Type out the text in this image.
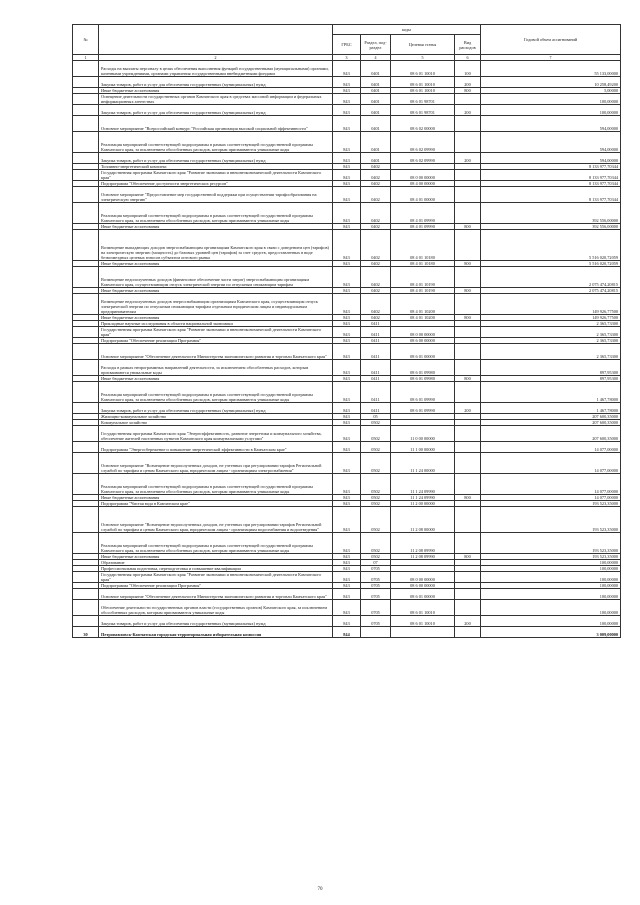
№		коды				Годовой объем ассигнований
		ГРБС	Раздел, под-раздел	Целевая статья	Вид расходов	
1	2	3	4	5	6	7
	Расходы на выплаты персоналу в целях обеспечения выполнения функций государственными (муниципальными) органами, казенными учреждениями, органами управления государственными внебюджетными фондами	843	0401	08 6 01 10010	100	55 133,00000
	Закупка товаров, работ и услуг для обеспечения государственных (муниципальных) нужд	843	0401	08 6 01 10010	200	10 258,49200
	Иные бюджетные ассигнования	843	0401	08 6 01 10010	800	5,00000
	Освещение деятельности государственных органов Камчатского края в средствах массовой информации и федеральных информационных агентствах	843	0401	08 6 01 98701		100,00000
	Закупка товаров, работ и услуг для обеспечения государственных (муниципальных) нужд	843	0401	08 6 01 98701	200	100,00000
	Основное мероприятие "Всероссийский конкурс "Российская организация высокой социальной эффективности"	843	0401	08 6 02 00000		594,00000
	Реализация мероприятий соответствующей подпрограммы в рамках соответствующей государственной программы Камчатского края, за исключением обособленных расходов, которым присваиваются уникальные коды	843	0401	08 6 02 09990		594,00000
	Закупка товаров, работ и услуг для обеспечения государственных (муниципальных) нужд	843	0401	08 6 02 09990	200	594,00000
	Топливно-энергетический комплекс	843	0402			8 133 977,70344
	Государственная программа Камчатского края "Развитие экономики и внешнеэкономической деятельности Камчатского края"	843	0402	08 0 00 00000		8 133 977,70344
	Подпрограмма "Обеспечение доступности энергетических ресурсов"	843	0402	08 4 00 00000		8 133 977,70344
	Основное мероприятие "Предоставление мер государственной поддержки при осуществлении тарифообразования на электрическую энергию"	843	0402	08 4 01 00000		8 133 977,70344
	Реализация мероприятий соответствующей подпрограммы в рамках соответствующей государственной программы Камчатского края, за исключением обособленных расходов, которым присваиваются уникальные коды	843	0402	08 4 01 09990		392 556,00000
	Иные бюджетные ассигнования	843	0402	08 4 01 09990	800	392 556,00000
	Возмещение выпадающих доходов энергоснабжающим организациям Камчатского края в связи с доведением цен (тарифов) на электрическую энергию (мощность) до базовых уровней цен (тарифов) за счет средств, предоставленных в виде безвозмездных целевых взносов субъектом оптового рынка	843	0402	08 4 01 10180		5 516 020,72059
	Иные бюджетные ассигнования	843	0402	08 4 01 10180	800	5 516 020,72059
	Возмещение недополученных доходов (финансовое обеспечение части затрат) энергоснабжающим организациям Камчатского края, осуществляющим отпуск электрической энергии по отпускным снижающим тарифам	843	0402	08 4 01 10190		2 075 474,20815
	Иные бюджетные ассигнования	843	0402	08 4 01 10190	800	2 075 474,20815
	Возмещение недополученных доходов энергоснабжающим организациям Камчатского края, осуществляющим отпуск электрической энергии по отпускным снижающим тарифам отдельным юридическим лицам и индивидуальным предпринимателям	843	0402	08 4 01 10200		149 926,77500
	Иные бюджетные ассигнования	843	0402	08 4 01 10200	800	149 926,77500
	Прикладные научные исследования в области национальной экономики	843	0411			2 365,73300
	Государственная программа Камчатского края "Развитие экономики и внешнеэкономической деятельности Камчатского края"	843	0411	08 0 00 00000		2 365,73300
	Подпрограмма "Обеспечение реализации Программы"	843	0411	08 6 00 00000		2 365,73300
	Основное мероприятие "Обеспечение деятельности Министерства экономического развития и торговли Камчатского края"	843	0411	08 6 01 00000		2 365,73300
	Расходы в рамках непрограммных направлений деятельности, за исключением обособленных расходов, которым присваиваются уникальные коды	843	0411	08 6 01 09980		897,95300
	Иные бюджетные ассигнования	843	0411	08 6 01 09980	800	897,95300
	Реализация мероприятий соответствующей подпрограммы в рамках соответствующей государственной программы Камчатского края, за исключением обособленных расходов, которым присваиваются уникальные коды	843	0411	08 6 01 09990		1 467,78000
	Закупка товаров, работ и услуг для обеспечения государственных (муниципальных) нужд	843	0411	08 6 01 09990	200	1 467,78000
	Жилищно-коммунальное хозяйство	843	05			207 600,35000
	Коммунальное хозяйство	843	0502			207 600,35000
	Государственная программа Камчатского края "Энергоэффективность, развитие энергетики и коммунального хозяйства, обеспечение жителей населенных пунктов Камчатского края коммунальными услугами"	843	0502	11 0 00 00000		207 600,35000
	Подпрограмма "Энергосбережение и повышение энергетической эффективности в Камчатском крае"	843	0502	11 1 00 00000		14 077,00000
	Основное мероприятие "Возмещение недополученных доходов, не учтенных при регулировании тарифов Региональной службой по тарифам и ценам Камчатского края, юридическим лицам - организациям электроснабжения"	843	0502	11 1 24 00000		14 077,00000
	Реализация мероприятий соответствующей подпрограммы в рамках соответствующей государственной программы Камчатского края, за исключением обособленных расходов, которым присваиваются уникальные коды	843	0502	11 1 24 09990		14 077,00000
	Иные бюджетные ассигнования	843	0502	11 1 24 09990	800	14 077,00000
	Подпрограмма "Чистая вода в Камчатском крае"	843	0502	11 2 00 00000		193 523,35000
	Основное мероприятие "Возмещение недополученных доходов, не учтенных при регулировании тарифов Региональной службой по тарифам и ценам Камчатского края, юридическим лицам - организациям водоснабжения и водоотведения"	843	0502	11 2 08 00000		193 523,35000
	Реализация мероприятий соответствующей подпрограммы в рамках соответствующей государственной программы Камчатского края, за исключением обособленных расходов, которым присваиваются уникальные коды	843	0502	11 2 08 09990		193 523,35000
	Иные бюджетные ассигнования	843	0502	11 2 08 09990	800	193 523,35000
	Образование	843	07			100,00000
	Профессиональная подготовка, переподготовка и повышение квалификации	843	0705			100,00000
	Государственная программа Камчатского края "Развитие экономики и внешнеэкономической деятельности Камчатского края"	843	0705	08 0 00 00000		100,00000
	Подпрограмма "Обеспечение реализации Программы"	843	0705	08 6 00 00000		100,00000
	Основное мероприятие "Обеспечение деятельности Министерства экономического развития и торговли Камчатского края"	843	0705	08 6 01 00000		100,00000
	Обеспечение деятельности государственных органов власти (государственных органов) Камчатского края, за исключением обособленных расходов, которым присваиваются уникальные коды	843	0705	08 6 01 10010		100,00000
	Закупка товаров, работ и услуг для обеспечения государственных (муниципальных) нужд	843	0705	08 6 01 10010	200	100,00000
30	Петропавловск-Камчатская городская территориальная избирательная комиссия	844				3 009,00000
70
